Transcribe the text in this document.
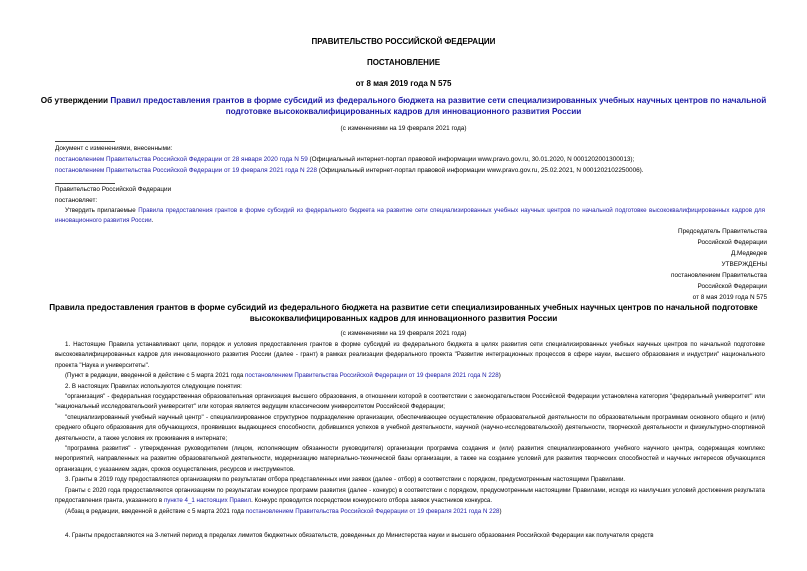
ПРАВИТЕЛЬСТВО РОССИЙСКОЙ ФЕДЕРАЦИИ
ПОСТАНОВЛЕНИЕ
от 8 мая 2019 года N 575
Об утверждении Правил предоставления грантов в форме субсидий из федерального бюджета на развитие сети специализированных учебных научных центров по начальной подготовке высококвалифицированных кадров для инновационного развития России
(с изменениями на 19 февраля 2021 года)
Документ с изменениями, внесенными:
постановлением Правительства Российской Федерации от 28 января 2020 года N 59 (Официальный интернет-портал правовой информации www.pravo.gov.ru, 30.01.2020, N 0001202001300013);
постановлением Правительства Российской Федерации от 19 февраля 2021 года N 228 (Официальный интернет-портал правовой информации www.pravo.gov.ru, 25.02.2021, N 0001202102250006).
Правительство Российской Федерации
постановляет:
Утвердить прилагаемые Правила предоставления грантов в форме субсидий из федерального бюджета на развитие сети специализированных учебных научных центров по начальной подготовке высококвалифицированных кадров для инновационного развития России.
Председатель Правительства
Российской Федерации
Д.Медведев
УТВЕРЖДЕНЫ
постановлением Правительства
Российской Федерации
от 8 мая 2019 года N 575
Правила предоставления грантов в форме субсидий из федерального бюджета на развитие сети специализированных учебных научных центров по начальной подготовке высококвалифицированных кадров для инновационного развития России
(с изменениями на 19 февраля 2021 года)
1. Настоящие Правила устанавливают цели, порядок и условия предоставления грантов в форме субсидий из федерального бюджета в целях развития сети специализированных учебных научных центров по начальной подготовке высококвалифицированных кадров для инновационного развития России (далее - грант) в рамках реализации федерального проекта "Развитие интеграционных процессов в сфере науки, высшего образования и индустрии" национального проекта "Наука и университеты".
(Пункт в редакции, введенной в действие с 5 марта 2021 года постановлением Правительства Российской Федерации от 19 февраля 2021 года N 228)
2. В настоящих Правилах используются следующие понятия:
"организация" - федеральная государственная образовательная организация высшего образования, в отношении которой в соответствии с законодательством Российской Федерации установлена категория "федеральный университет" или "национальный исследовательский университет" или которая является ведущим классическим университетом Российской Федерации;
"специализированный учебный научный центр" - специализированное структурное подразделение организации, обеспечивающее осуществление образовательной деятельности по образовательным программам основного общего и (или) среднего общего образования для обучающихся, проявивших выдающиеся способности, добившихся успехов в учебной деятельности, научной (научно-исследовательской) деятельности, творческой деятельности и физкультурно-спортивной деятельности, а также условия их проживания в интернате;
"программа развития" - утвержденная руководителем (лицом, исполняющим обязанности руководителя) организации программа создания и (или) развития специализированного учебного научного центра, содержащая комплекс мероприятий, направленных на развитие образовательной деятельности, модернизацию материально-технической базы организации, а также на создание условий для развития творческих способностей и научных интересов обучающихся организации, с указанием задач, сроков осуществления, ресурсов и инструментов.
3. Гранты в 2019 году предоставляются организациям по результатам отбора представленных ими заявок (далее - отбор) в соответствии с порядком, предусмотренным настоящими Правилами.
Гранты с 2020 года предоставляются организациям по результатам конкурсе программ развития (далее - конкурс) в соответствии с порядком, предусмотренным настоящими Правилами, исходя из наилучших условий достижения результата предоставления гранта, указанного в пункте 4_1 настоящих Правил. Конкурс проводится посредством конкурсного отбора заявок участников конкурса.
(Абзац в редакции, введенной в действие с 5 марта 2021 года постановлением Правительства Российской Федерации от 19 февраля 2021 года N 228)
4. Гранты предоставляются на 3-летний период в пределах лимитов бюджетных обязательств, доведенных до Министерства науки и высшего образования Российской Федерации как получателя средств
